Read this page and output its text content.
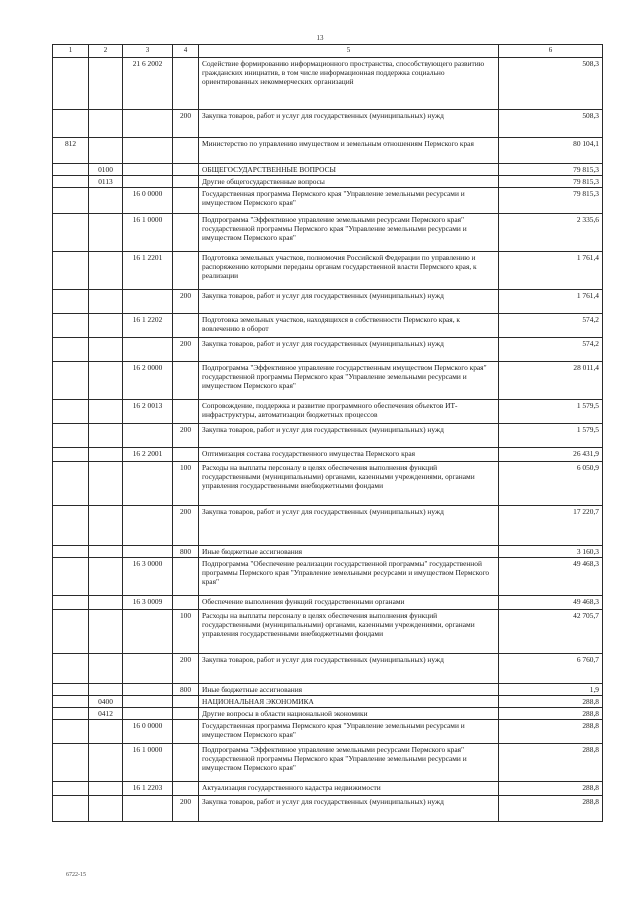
13
1	2	3	4	5	6
		21 6 2002		Содействие формированию информационного пространства, способствующего развитию гражданских инициатив, в том числе информационная поддержка социально ориентированных некоммерческих организаций	508,3
			200	Закупка товаров, работ и услуг для государственных (муниципальных) нужд	508,3
812				Министерство по управлению имуществом и земельным отношениям Пермского края	80 104,1
	0100			ОБЩЕГОСУДАРСТВЕННЫЕ ВОПРОСЫ	79 815,3
	0113			Другие общегосударственные вопросы	79 815,3
		16 0 0000		Государственная программа Пермского края "Управление земельными ресурсами и имуществом Пермского края"	79 815,3
		16 1 0000		Подпрограмма "Эффективное управление земельными ресурсами Пермского края" государственной программы Пермского края "Управление земельными ресурсами и имуществом Пермского края"	2 335,6
		16 1 2201		Подготовка земельных участков, полномочия Российской Федерации по управлению и распоряжению которыми переданы органам государственной власти Пермского края, к реализации	1 761,4
			200	Закупка товаров, работ и услуг для государственных (муниципальных) нужд	1 761,4
		16 1 2202		Подготовка земельных участков, находящихся в собственности Пермского края, к вовлечению в оборот	574,2
			200	Закупка товаров, работ и услуг для государственных (муниципальных) нужд	574,2
		16 2 0000		Подпрограмма "Эффективное управление государственным имуществом Пермского края" государственной программы Пермского края "Управление земельными ресурсами и имуществом Пермского края"	28 011,4
		16 2 0013		Сопровождение, поддержка и развитие программного обеспечения объектов ИТ-инфраструктуры, автоматизации бюджетных процессов	1 579,5
			200	Закупка товаров, работ и услуг для государственных (муниципальных) нужд	1 579,5
		16 2 2001		Оптимизация состава государственного имущества Пермского края	26 431,9
			100	Расходы на выплаты персоналу в целях обеспечения выполнения функций государственными (муниципальными) органами, казенными учреждениями, органами управления государственными внебюджетными фондами	6 050,9
			200	Закупка товаров, работ и услуг для государственных (муниципальных) нужд	17 220,7
			800	Иные бюджетные ассигнования	3 160,3
		16 3 0000		Подпрограмма "Обеспечение реализации государственной программы" государственной программы Пермского края "Управление земельными ресурсами и имуществом Пермского края"	49 468,3
		16 3 0009		Обеспечение выполнения функций государственными органами	49 468,3
			100	Расходы на выплаты персоналу в целях обеспечения выполнения функций государственными (муниципальными) органами, казенными учреждениями, органами управления государственными внебюджетными фондами	42 705,7
			200	Закупка товаров, работ и услуг для государственных (муниципальных) нужд	6 760,7
			800	Иные бюджетные ассигнования	1,9
	0400			НАЦИОНАЛЬНАЯ ЭКОНОМИКА	288,8
	0412			Другие вопросы в области национальной экономики	288,8
		16 0 0000		Государственная программа Пермского края "Управление земельными ресурсами и имуществом Пермского края"	288,8
		16 1 0000		Подпрограмма "Эффективное управление земельными ресурсами Пермского края" государственной программы Пермского края "Управление земельными ресурсами и имуществом Пермского края"	288,8
		16 1 2203		Актуализация государственного кадастра недвижимости	288,8
			200	Закупка товаров, работ и услуг для государственных (муниципальных) нужд	288,8
6722-15
